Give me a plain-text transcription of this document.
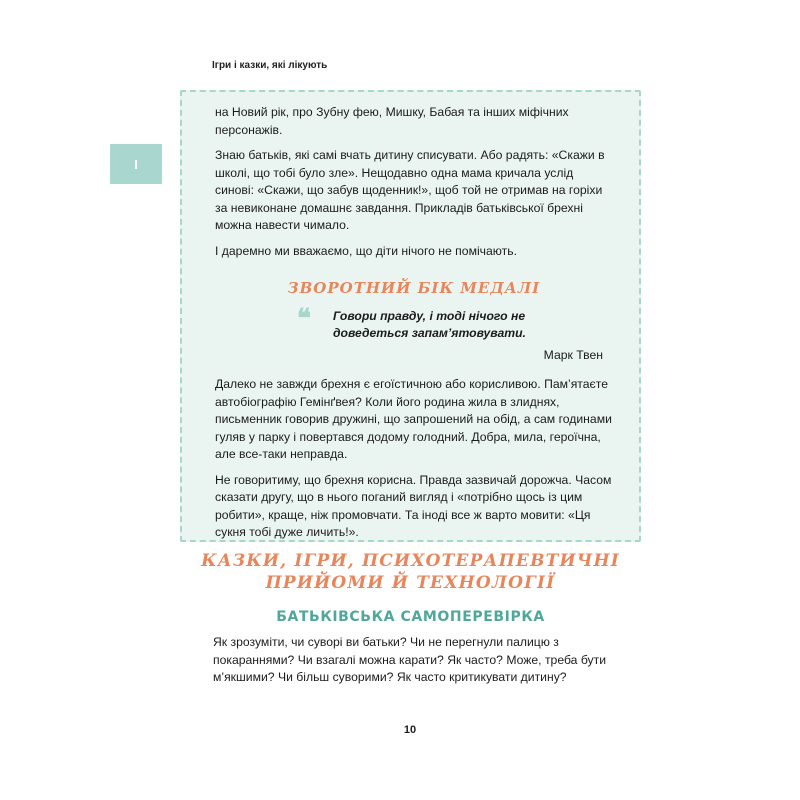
Ігри і казки, які лікують
I

на Новий рік, про Зубну фею, Мишку, Бабая та інших міфічних персонажів.

Знаю батьків, які самі вчать дитину списувати. Або радять: «Скажи в школі, що тобі було зле». Нещодавно одна мама кричала услід синові: «Скажи, що забув щоденник!», щоб той не отримав на горіхи за невиконане домашнє завдання. Прикладів батьківської брехні можна навести чимало.

І даремно ми вважаємо, що діти нічого не помічають.

ЗВОРОТНИЙ БІК МЕДАЛІ
❝ Говори правду, і тоді нічого не доведеться запам’ятовувати.
Марк Твен

Далеко не завжди брехня є егоїстичною або корисливою. Пам’ятаєте автобіографію Гемінґвея? Коли його родина жила в злиднях, письменник говорив дружині, що запрошений на обід, а сам годинами гуляв у парку і повертався додому голодний. Добра, мила, героїчна, але все-таки неправда.

Не говоритиму, що брехня корисна. Правда зазвичай дорожча. Часом сказати другу, що в нього поганий вигляд і «потрібно щось із цим робити», краще, ніж промовчати. Та іноді все ж варто мовити: «Ця сукня тобі дуже личить!».

КАЗКИ, ІГРИ, ПСИХОТЕРАПЕВТИЧНІ
ПРИЙОМИ Й ТЕХНОЛОГІЇ
БАТЬКІВСЬКА САМОПЕРЕВІРКА
Як зрозуміти, чи суворі ви батьки? Чи не перегнули палицю з покараннями? Чи взагалі можна карати? Як часто? Може, треба бути м’якшими? Чи більш суворими? Як часто критикувати дитину?
10
